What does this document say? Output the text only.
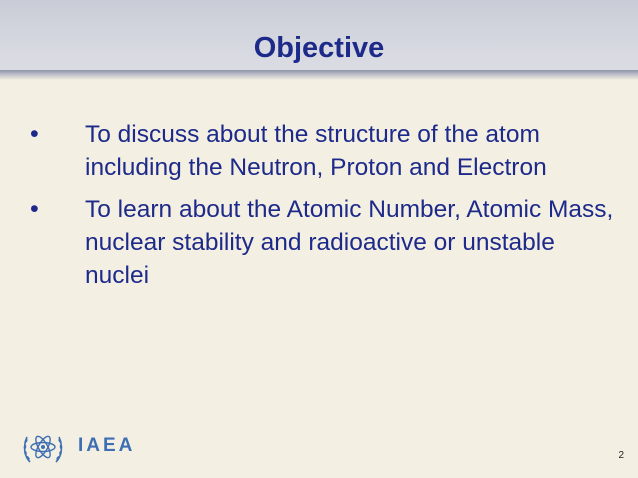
Objective
• To discuss about the structure of the atom including the Neutron, Proton and Electron
• To learn about the Atomic Number, Atomic Mass, nuclear stability and radioactive or unstable nuclei
IAEA	2
